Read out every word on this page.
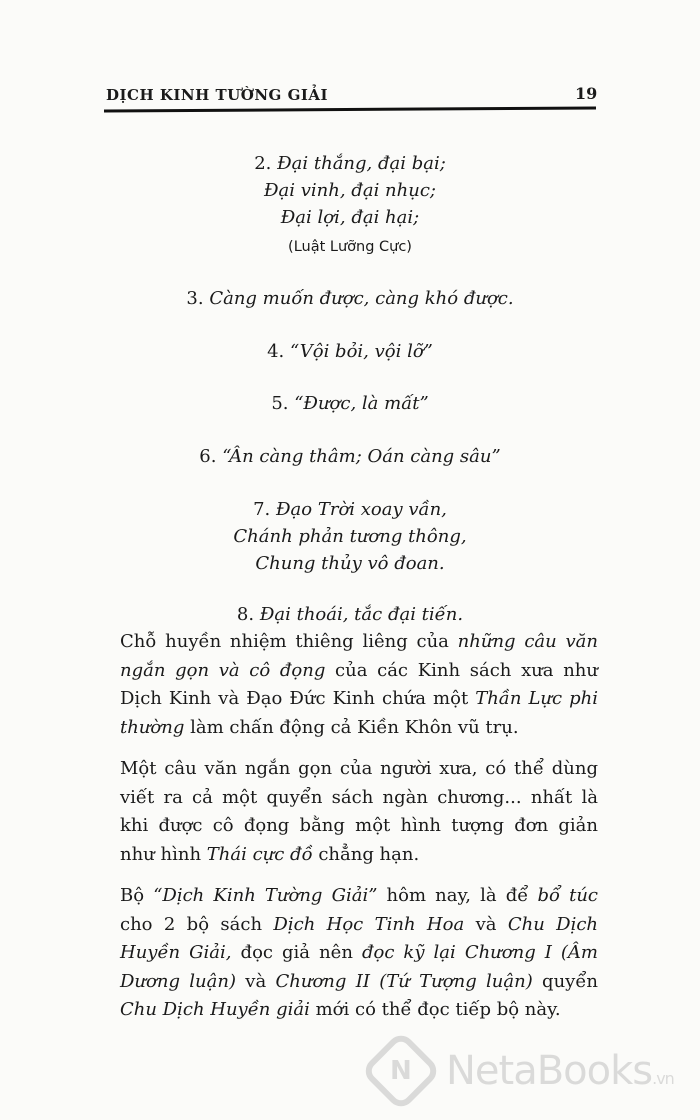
DỊCH KINH TƯỜNG GIẢI	19
2. Đại thắng, đại bại;
Đại vinh, đại nhục;
Đại lợi, đại hại;
(Luật Lưỡng Cực)
3. Càng muốn được, càng khó được.
4. “Vội bỏi, vội lỡ”
5. “Được, là mất”
6. “Ân càng thâm; Oán càng sâu”
7. Đạo Trời xoay vần,
Chánh phản tương thông,
Chung thủy vô đoan.
8. Đại thoái, tắc đại tiến.

Chỗ huyền nhiệm thiêng liêng của những câu văn ngắn gọn và cô đọng của các Kinh sách xưa như Dịch Kinh và Đạo Đức Kinh chứa một Thần Lực phi thường làm chấn động cả Kiền Khôn vũ trụ.

Một câu văn ngắn gọn của người xưa, có thể dùng viết ra cả một quyển sách ngàn chương... nhất là khi được cô đọng bằng một hình tượng đơn giản như hình Thái cực đồ chẳng hạn.

Bộ “Dịch Kinh Tường Giải” hôm nay, là để bổ túc cho 2 bộ sách Dịch Học Tinh Hoa và Chu Dịch Huyền Giải, đọc giả nên đọc kỹ lại Chương I (Âm Dương luận) và Chương II (Tứ Tượng luận) quyển Chu Dịch Huyền giải mới có thể đọc tiếp bộ này.

N NetaBooks.vn
